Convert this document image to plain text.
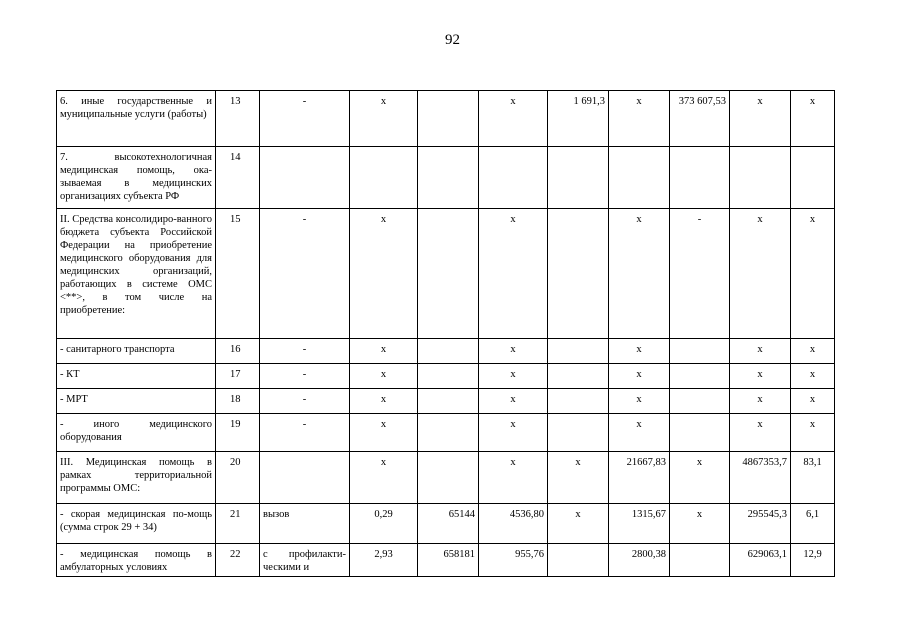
92
6. иные государственные и муниципальные услуги (работы)	13	-	x		x	1 691,3	x	373 607,53	x	x
7. высокотехнологичная медицинская помощь, ока-зываемая в медицинских организациях субъекта РФ	14									
II. Средства консолидиро-ванного бюджета субъекта Российской Федерации на приобретение медицинского оборудования для медицинских организаций, работающих в системе ОМС <**>, в том числе на приобретение:	15	-	x		x		x	-	x	x
- санитарного транспорта	16	-	x		x		x		x	x
- КТ	17	-	x		x		x		x	x
- МРТ	18	-	x		x		x		x	x
- иного медицинского оборудования	19	-	x		x		x		x	x
III. Медицинская помощь в рамках территориальной программы ОМС:	20		x		x	x	21667,83	x	4867353,7	83,1
- скорая медицинская по-мощь (сумма строк 29 + 34)	21	вызов	0,29	65144	4536,80	x	1315,67	x	295545,3	6,1
- медицинская помощь в амбулаторных условиях	22	с профилакти-ческими и	2,93	658181	955,76		2800,38		629063,1	12,9
